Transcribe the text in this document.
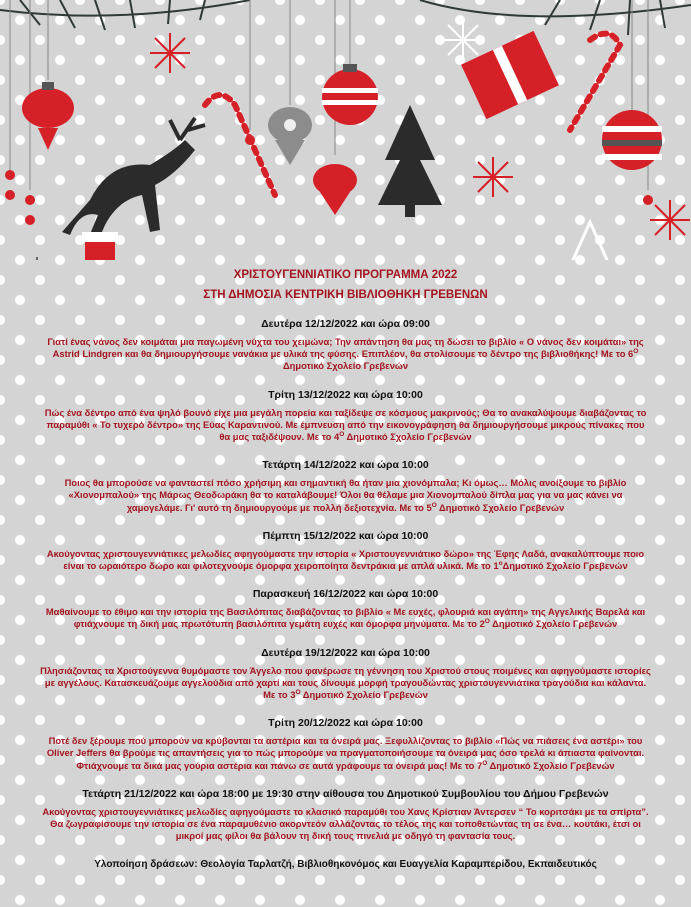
ΧΡΙΣΤΟΥΓΕΝΝΙΑΤΙΚΟ ΠΡΟΓΡΑΜΜΑ 2022

ΣΤΗ ΔΗΜΟΣΙΑ ΚΕΝΤΡΙΚΗ ΒΙΒΛΙΟΘΗΚΗ ΓΡΕΒΕΝΩΝ

Δευτέρα 12/12/2022 και ώρα 09:00
Γιατί ένας νάνος δεν κοιμάται μια παγωμένη νύχτα του χειμώνα; Την απάντηση θα μας τη δώσει το βιβλίο « Ο νάνος δεν κοιμάται» της Astrid Lindgren και θα δημιουργήσουμε νανάκια με υλικά της φύσης. Επιπλέον, θα στολίσουμε το δέντρο της βιβλιοθήκης! Με το $6^O$ Δημοτικό Σχολείο Γρεβενών
Τρίτη 13/12/2022 και ώρα 10:00
Πώς ένα δέντρο από ένα ψηλό βουνό είχε μια μεγάλη πορεία και ταξίδεψε σε κόσμους μακρινούς; Θα το ανακαλύψουμε διαβάζοντας το παραμύθι « Το τυχερό δέντρο» της Εύας Καραντινού. Με έμπνευση από την εικονογράφηση θα δημιουργήσουμε μικρούς πίνακες που θα μας ταξιδέψουν. Με το $4^O$ Δημοτικό Σχολείο Γρεβενών
Τετάρτη 14/12/2022 και ώρα 10:00
Ποιος θα μπορούσε να φανταστεί πόσο χρήσιμη και σημαντική θα ήταν μια χιονόμπαλα; Κι όμως… Μόλις ανοίξουμε το βιβλίο «Χιονομπαλού» της Μάρως Θεοδωράκη θα το καταλάβουμε! Όλοι θα θέλαμε μια Χιονομπαλού δίπλα μας για να μας κάνει να χαμογελάμε. Γι' αυτό τη δημιουργούμε με πολλή δεξιοτεχνία. Με το $5^O$ Δημοτικό Σχολείο Γρεβενών
Πέμπτη 15/12/2022 και ώρα 10:00
Ακούγοντας χριστουγεννιάτικες μελωδίες αφηγούμαστε την ιστορία « Χριστουγεννιάτικο δώρο» της Έφης Λαδά, ανακαλύπτουμε ποιο είναι το ωραιότερο δώρο και φιλοτεχνούμε όμορφα χειροποίητα δεντράκια με απλά υλικά. Με το $1^o\Delta\eta\mu o\tau\iota\kappa ό$ Σχολείο Γρεβενών
Παρασκευή 16/12/2022 και ώρα 10:00
Μαθαίνουμε το έθιμο και την ιστορία της Βασιλόπιτας διαβάζοντας το βιβλίο « Με ευχές, φλουριά και αγάπη» της Αγγελικής Βαρελά και φτιάχνουμε τη δική μας πρωτότυπη βασιλόπιτα γεμάτη ευχές και όμορφα μηνύματα. Με το $2^O$ Δημοτικό Σχολείο Γρεβενών
Δευτέρα 19/12/2022 και ώρα 10:00
Πλησιάζοντας τα Χριστούγεννα θυμόμαστε τον Άγγελο που φανέρωσε τη γέννηση του Χριστού στους ποιμένες και αφηγούμαστε ιστορίες με αγγέλους. Κατασκευάζουμε αγγελούδια από χαρτί και τους δίνουμε μορφή τραγουδώντας χριστουγεννιάτικα τραγούδια και κάλαντα. Με το $3^O$ Δημοτικό Σχολείο Γρεβενών
Τρίτη 20/12/2022 και ώρα 10:00
Ποτέ δεν ξέρουμε πού μπορούν να κρύβονται τα αστέρια και τα όνειρά μας. Ξεφυλλίζοντας το βιβλίο «Πώς να πιάσεις ένα αστέρι» του Oliver Jeffers θα βρούμε τις απαντήσεις για το πώς μπορούμε να πραγματοποιήσουμε τα όνειρά μας όσο τρελά κι άπιαστα φαίνονται. Φτιάχνουμε τα δικά μας γούρια αστέρια και πάνω σε αυτά γράφουμε τα όνειρά μας! Με το $7^O$ Δημοτικό Σχολείο Γρεβενών
Τετάρτη 21/12/2022 και ώρα 18:00 με 19:30 στην αίθουσα του Δημοτικού Συμβουλίου του Δήμου Γρεβενών
Ακούγοντας χριστουγεννιάτικες μελωδίες αφηγούμαστε το κλασικό παραμύθι του Χανς Κρίστιαν Άντερσεν “ Το κοριτσάκι με τα σπίρτα”. Θα ζωγραφίσουμε την ιστορία σε ένα παραμυθένιο ακορντεόν αλλάζοντας το τέλος της και τοποθετώντας τη σε ένα… κουτάκι, έτσι οι μικροί μας φίλοι θα βάλουν τη δική τους πινελιά με οδηγό τη φαντασία τους.
Υλοποίηση δράσεων: Θεολογία Ταρλατζή, Βιβλιοθηκονόμος και Ευαγγελία Καραμπερίδου, Εκπαιδευτικός
